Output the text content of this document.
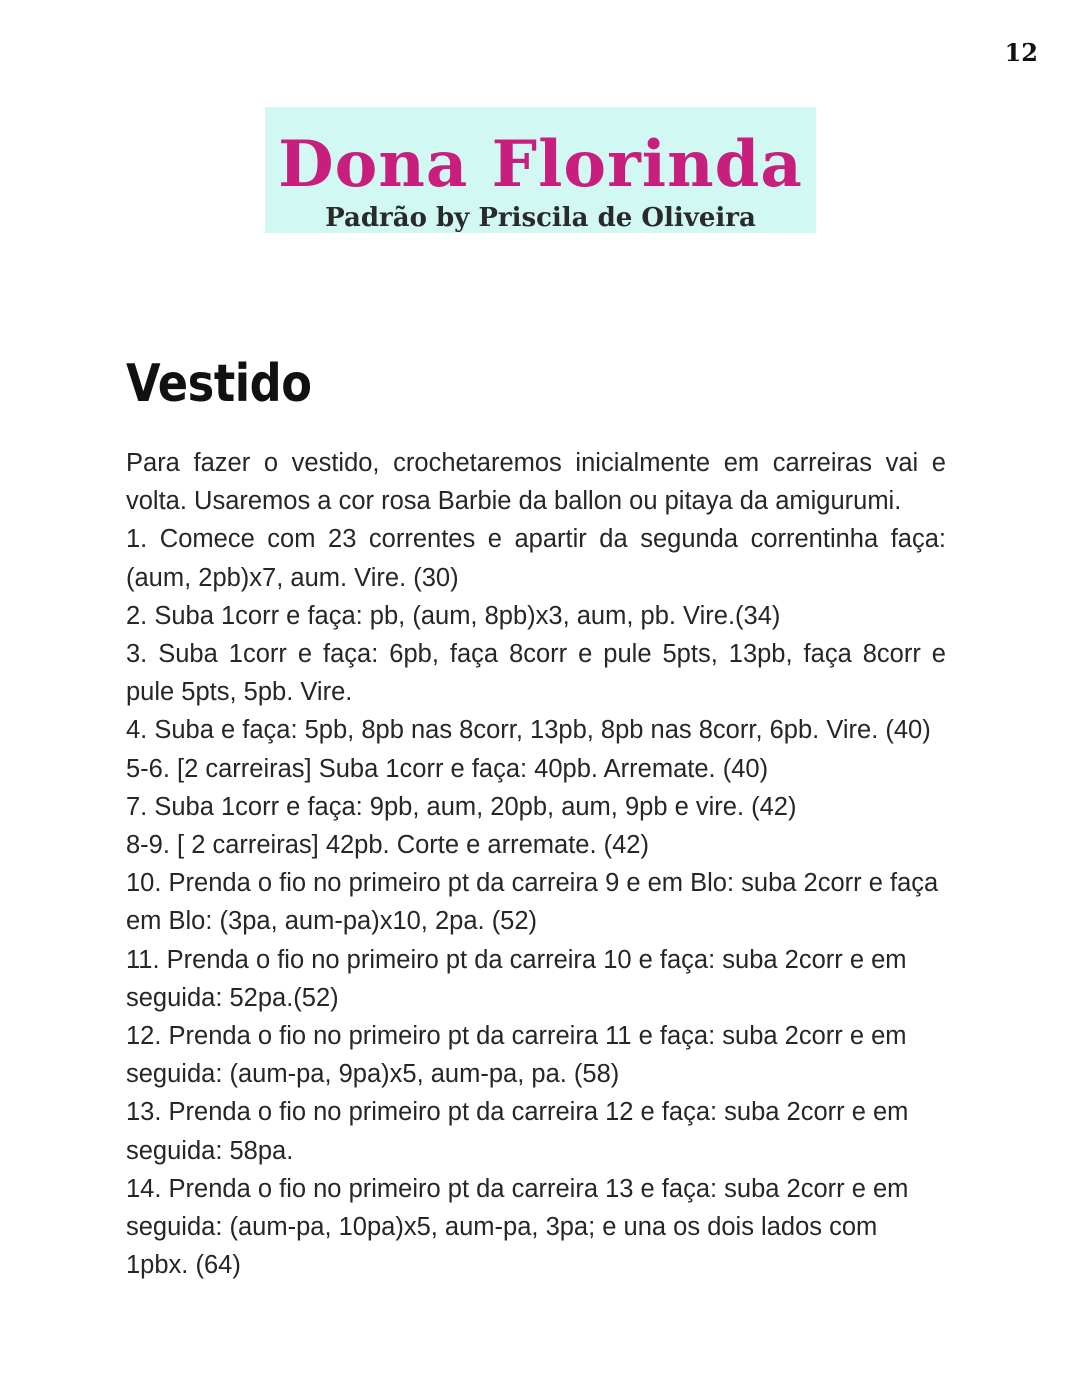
12
Dona Florinda
Padrão by Priscila de Oliveira
Vestido

Para fazer o vestido, crochetaremos inicialmente em carreiras vai e volta. Usaremos a cor rosa Barbie da ballon ou pitaya da amigurumi.

1. Comece com 23 correntes e apartir da segunda correntinha faça: (aum, 2pb)x7, aum. Vire. (30)

2. Suba 1corr e faça: pb, (aum, 8pb)x3, aum, pb. Vire.(34)

3. Suba 1corr e faça: 6pb, faça 8corr e pule 5pts, 13pb, faça 8corr e pule 5pts, 5pb. Vire.

4. Suba e faça: 5pb, 8pb nas 8corr, 13pb, 8pb nas 8corr, 6pb. Vire. (40)

5-6. [2 carreiras] Suba 1corr e faça: 40pb. Arremate. (40)

7. Suba 1corr e faça: 9pb, aum, 20pb, aum, 9pb e vire. (42)

8-9. [ 2 carreiras] 42pb. Corte e arremate. (42)

10. Prenda o fio no primeiro pt da carreira 9 e em Blo: suba 2corr e faça em Blo: (3pa, aum-pa)x10, 2pa. (52)

11. Prenda o fio no primeiro pt da carreira 10 e faça: suba 2corr e em seguida: 52pa.(52)

12. Prenda o fio no primeiro pt da carreira 11 e faça: suba 2corr e em seguida: (aum-pa, 9pa)x5, aum-pa, pa. (58)

13. Prenda o fio no primeiro pt da carreira 12 e faça: suba 2corr e em seguida: 58pa.

14. Prenda o fio no primeiro pt da carreira 13 e faça: suba 2corr e em seguida: (aum-pa, 10pa)x5, aum-pa, 3pa; e una os dois lados com 1pbx. (64)
